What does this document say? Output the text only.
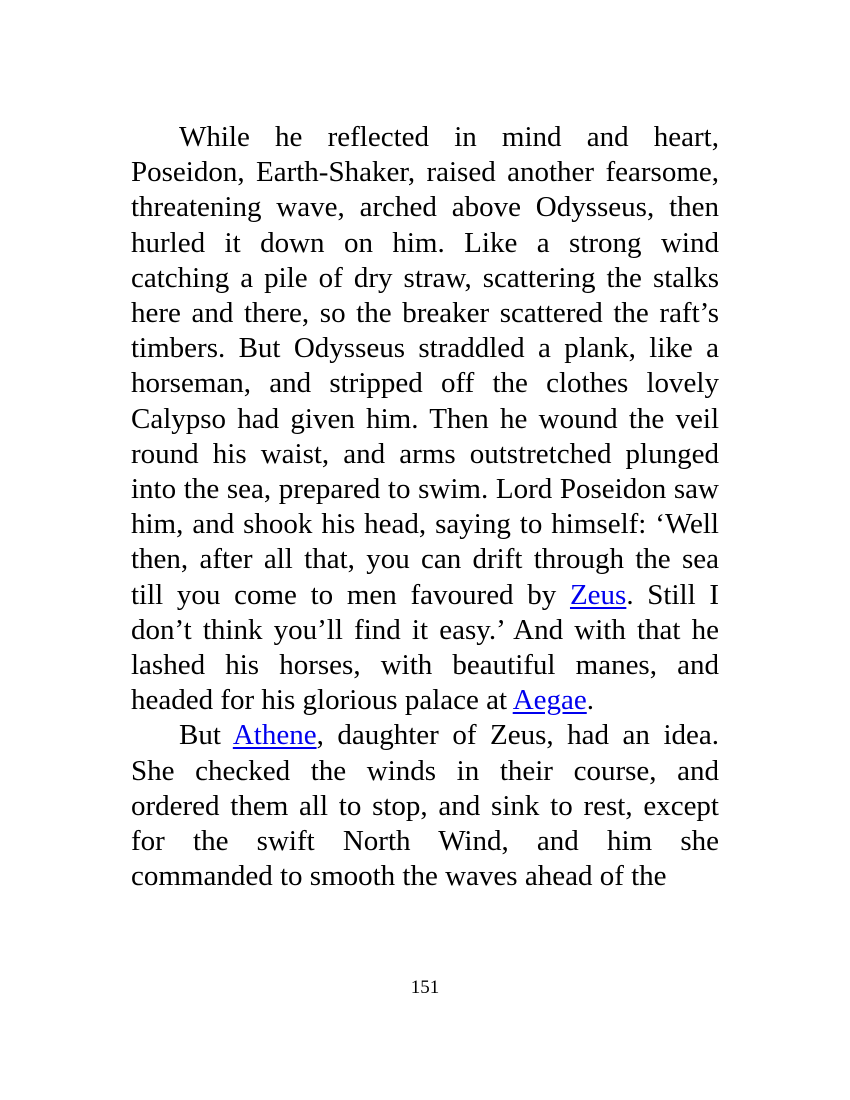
While he reflected in mind and heart, Poseidon, Earth-Shaker, raised another fearsome, threatening wave, arched above Odysseus, then hurled it down on him. Like a strong wind catching a pile of dry straw, scattering the stalks here and there, so the breaker scattered the raft’s timbers. But Odysseus straddled a plank, like a horseman, and stripped off the clothes lovely Calypso had given him. Then he wound the veil round his waist, and arms outstretched plunged into the sea, prepared to swim. Lord Poseidon saw him, and shook his head, saying to himself: ‘Well then, after all that, you can drift through the sea till you come to men favoured by Zeus. Still I don’t think you’ll find it easy.’ And with that he lashed his horses, with beautiful manes, and headed for his glorious palace at Aegae.

But Athene, daughter of Zeus, had an idea. She checked the winds in their course, and ordered them all to stop, and sink to rest, except for the swift North Wind, and him she commanded to smooth the waves ahead of the

151
